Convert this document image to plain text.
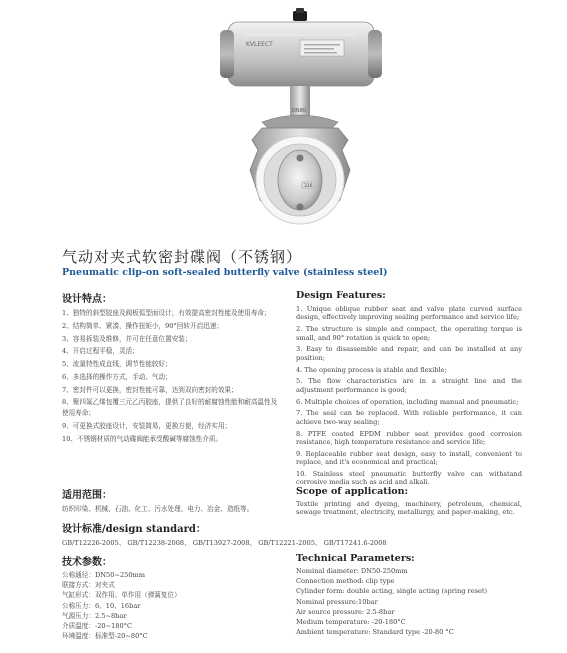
KVLEECT
DN80
316
气动对夹式软密封碟阀（不锈钢）
Pneumatic clip-on soft-sealed butterfly valve (stainless steel)
设计特点：
1、独特的斜型胶座及阀板弧型面设计，有效提高密封性能及使用寿命；
2、结构简单、紧凑，操作扭矩小，90°回转开启迅速；
3、容易拆装及维修，并可在任意位置安装；
4、开启过程平稳，灵活；
5、流量特性成直线，调节性能较好；
6、多选择的操作方式，手动、气动；
7、密封件可以更换，密封性能可靠，达到双向密封的效果；
8、聚四氟乙烯包覆三元乙丙胶座，提供了良好的耐腐蚀性能和耐高温性及使用寿命；
9、可更换式胶座设计，安装简易，更换方便，经济实用；
10、不锈钢材质的气动碟阀能承受酸碱等腐蚀性介质。
Design Features:
1. Unique oblique rubber seat and valve plate curved surface design, effectively improving sealing performance and service life;
2. The structure is simple and compact, the operating torque is small, and 90° rotation is quick to open;
3. Easy to disassemble and repair, and can be installed at any position;
4. The opening process is stable and flexible;
5. The flow characteristics are in a straight line and the adjustment performance is good;
6. Multiple choices of operation, including manual and pneumatic;
7. The seal can be replaced. With reliable performance, it can achieve two-way sealing;
8. PTFE coated EPDM rubber seat provides good corrosion resistance, high temperature resistance and service life;
9. Replaceable rubber seat design, easy to install, convenient to replace, and it's economical and practical;
10. Stainless steel pneumatic butterfly valve can withstand corrosive media such as acid and alkali.
适用范围：
纺织印染、机械、石油、化工、污水处理、电力、冶金、造纸等。
Scope of application:
Textile printing and dyeing, machinery, petroleum, chemical, sewage treatment, electricity, metallurgy, and paper-making, etc.
设计标准/design standard：
GB/T12226-2005、 GB/T12238-2008、 GB/T13927-2008、 GB/T12221-2005、 GB/T17241.6-2008
技术参数：
公称通径：DN50~250mm
联接方式：对夹式
气缸形式：双作用、单作用（弹簧复位）
公称压力：6、10、16bar
气源压力：2.5~8bar
介质温度：-20~180°C
环境温度：标准型-20~80°C
Technical Parameters:
Nominal diameter: DN50-250mm
Connection method: clip type
Cylinder form: double acting, single acting (spring reset)
Nominal pressure:10bar
Air source pressure: 2.5-8bar
Medium temperature: -20-180°C
Ambient temperature: Standard type -20-80 °C
